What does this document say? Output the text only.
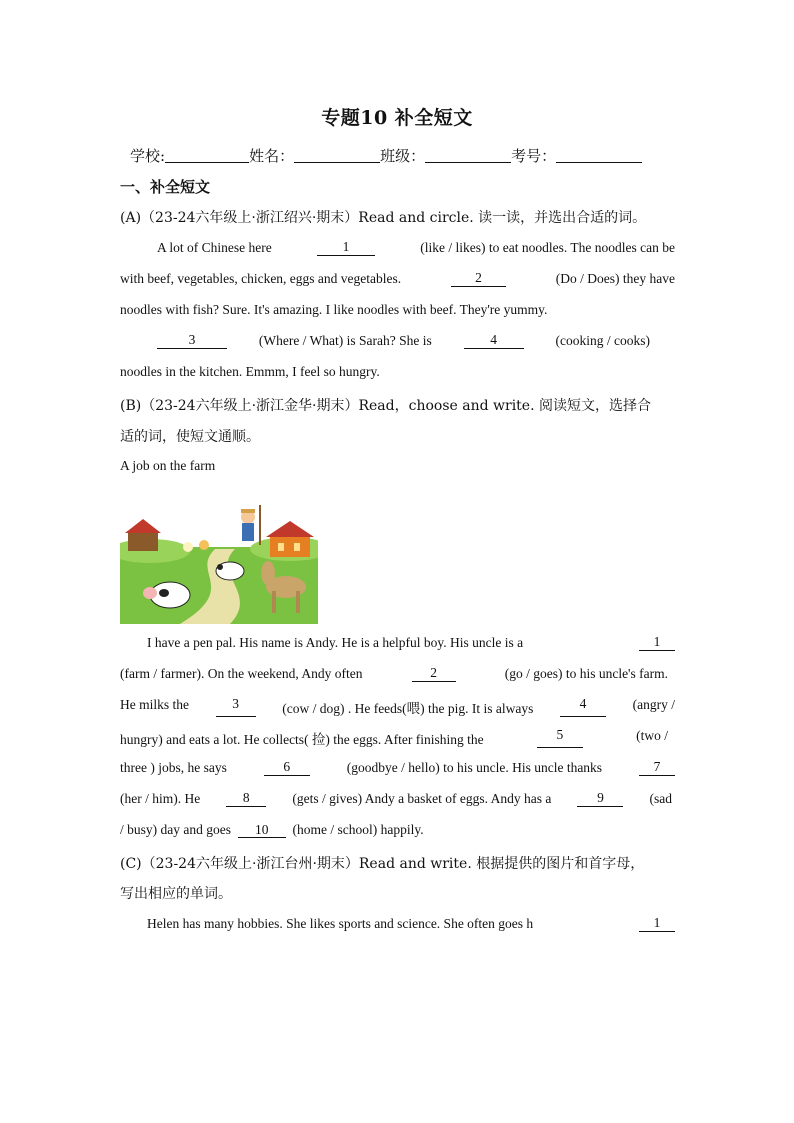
专题10 补全短文
学校:	姓名：	班级：	考号：
一、补全短文
(A)（23-24六年级上·浙江绍兴·期末）Read and circle. 读一读，并选出合适的词。
A lot of Chinese here	1	(like / likes) to eat noodles. The noodles can be
with beef, vegetables, chicken, eggs and vegetables.	2	(Do / Does) they have
noodles with fish? Sure. It's amazing. I like noodles with beef. They're yummy.
3	(Where / What) is Sarah? She is	4	(cooking / cooks)
noodles in the kitchen. Emmm, I feel so hungry.
(B)（23-24六年级上·浙江金华·期末）Read，choose and write. 阅读短文，选择合
适的词，使短文通顺。
A job on the farm
I have a pen pal. His name is Andy. He is a helpful boy. His uncle is a	1
(farm / farmer). On the weekend, Andy often	2	(go / goes) to his uncle's farm.
He milks the	3	(cow / dog) . He feeds(喂) the pig. It is always	4	(angry /
hungry) and eats a lot. He collects( 捡) the eggs. After finishing the	5	(two /
three ) jobs, he says	6	(goodbye / hello) to his uncle. His uncle thanks	7
(her / him). He	8	(gets / gives) Andy a basket of eggs. Andy has a	9	(sad
/ busy) day and goes 10 (home / school) happily.
(C)（23-24六年级上·浙江台州·期末）Read and write. 根据提供的图片和首字母，
写出相应的单词。
Helen has many hobbies. She likes sports and science. She often goes h	1
